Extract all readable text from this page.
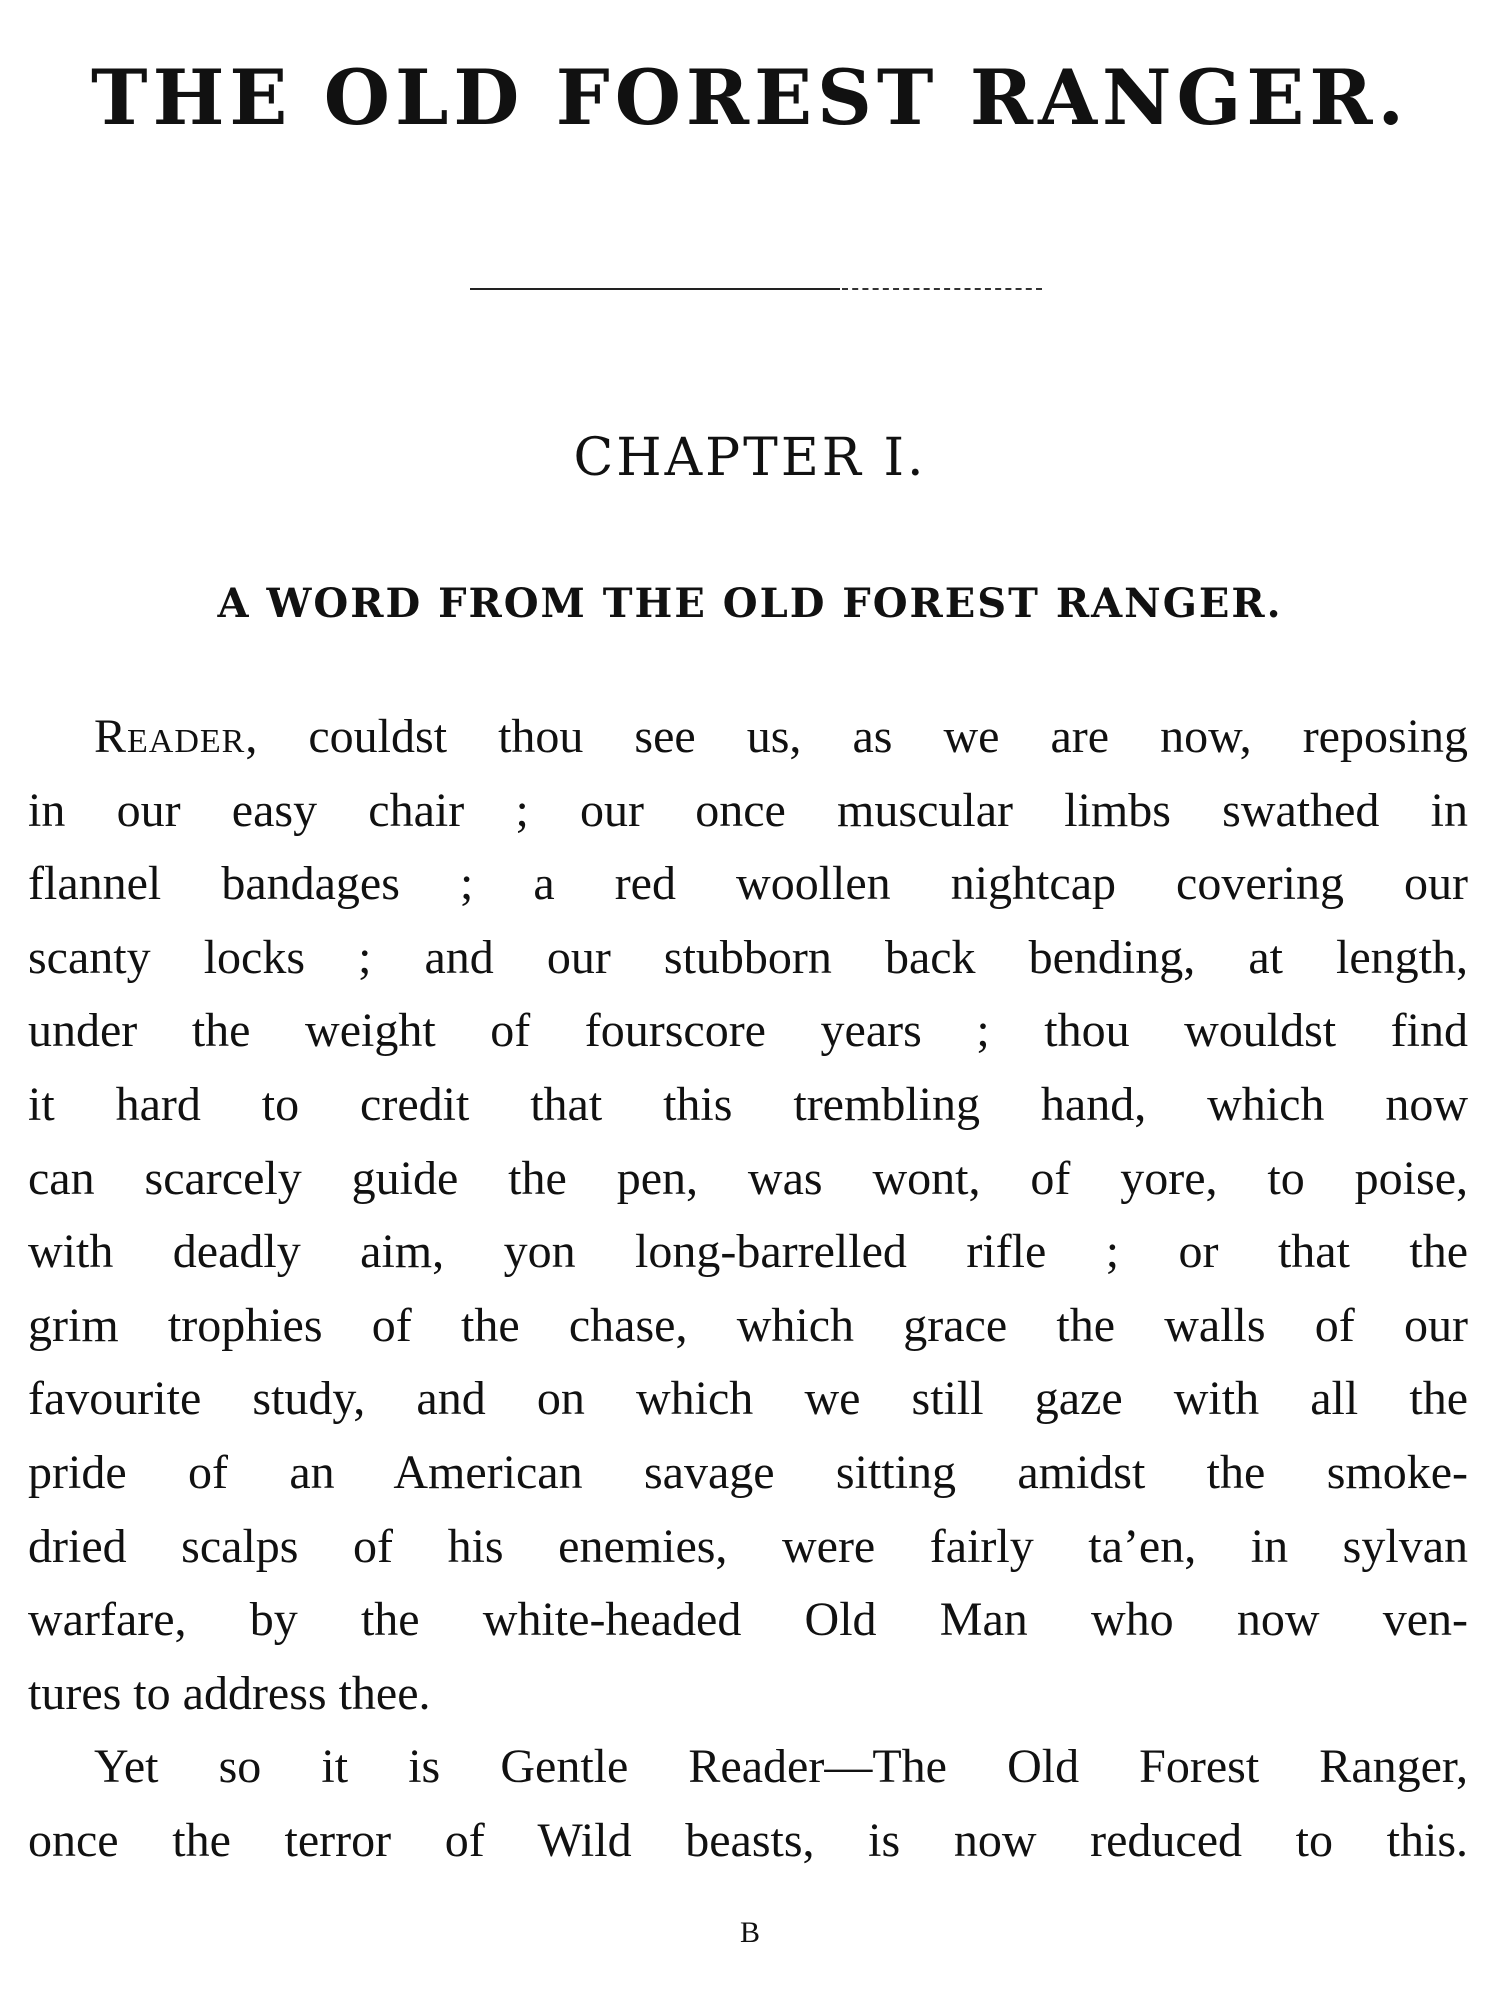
THE OLD FOREST RANGER.
CHAPTER I.
A WORD FROM THE OLD FOREST RANGER.

Reader, couldst thou see us, as we are now, reposing
in our easy chair ; our once muscular limbs swathed in
flannel bandages ; a red woollen nightcap covering our
scanty locks ; and our stubborn back bending, at length,
under the weight of fourscore years ; thou wouldst find
it hard to credit that this trembling hand, which now
can scarcely guide the pen, was wont, of yore, to poise,
with deadly aim, yon long-barrelled rifle ; or that the
grim trophies of the chase, which grace the walls of our
favourite study, and on which we still gaze with all the
pride of an American savage sitting amidst the smoke-
dried scalps of his enemies, were fairly ta’en, in sylvan
warfare, by the white-headed Old Man who now ven-
tures to address thee.

Yet so it is Gentle Reader—The Old Forest Ranger,
once the terror of Wild beasts, is now reduced to this.

B
